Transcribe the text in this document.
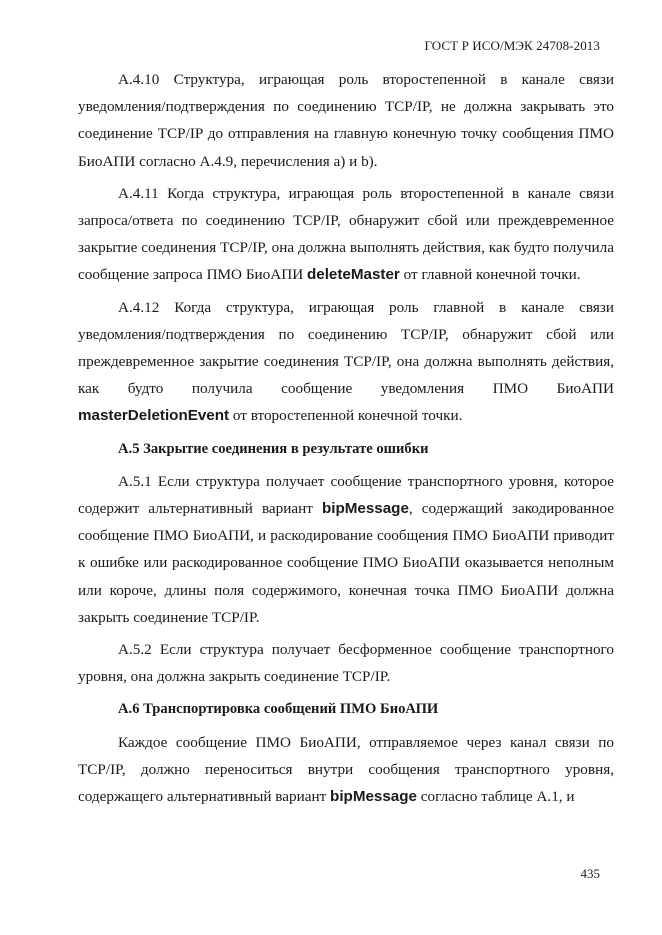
ГОСТ Р ИСО/МЭК 24708-2013

А.4.10 Структура, играющая роль второстепенной в канале связи уведомления/подтверждения по соединению TCP/IP, не должна закрывать это соединение TCP/IP до отправления на главную конечную точку сообщения ПМО БиоАПИ согласно А.4.9, перечисления а) и b).

А.4.11 Когда структура, играющая роль второстепенной в канале связи запроса/ответа по соединению TCP/IP, обнаружит сбой или преждевременное закрытие соединения TCP/IP, она должна выполнять действия, как будто получила сообщение запроса ПМО БиоАПИ deleteMaster от главной конечной точки.

А.4.12 Когда структура, играющая роль главной в канале связи уведомления/подтверждения по соединению TCP/IP, обнаружит сбой или преждевременное закрытие соединения TCP/IP, она должна выполнять действия, как будто получила сообщение уведомления ПМО БиоАПИ masterDeletionEvent от второстепенной конечной точки.

А.5 Закрытие соединения в результате ошибки

А.5.1 Если структура получает сообщение транспортного уровня, которое содержит альтернативный вариант bipMessage, содержащий закодированное сообщение ПМО БиоАПИ, и раскодирование сообщения ПМО БиоАПИ приводит к ошибке или раскодированное сообщение ПМО БиоАПИ оказывается неполным или короче, длины поля содержимого, конечная точка ПМО БиоАПИ должна закрыть соединение TCP/IP.

А.5.2 Если структура получает бесформенное сообщение транспортного уровня, она должна закрыть соединение TCP/IP.

А.6 Транспортировка сообщений ПМО БиоАПИ

Каждое сообщение ПМО БиоАПИ, отправляемое через канал связи по TCP/IP, должно переноситься внутри сообщения транспортного уровня, содержащего альтернативный вариант bipMessage согласно таблице А.1, и

435
